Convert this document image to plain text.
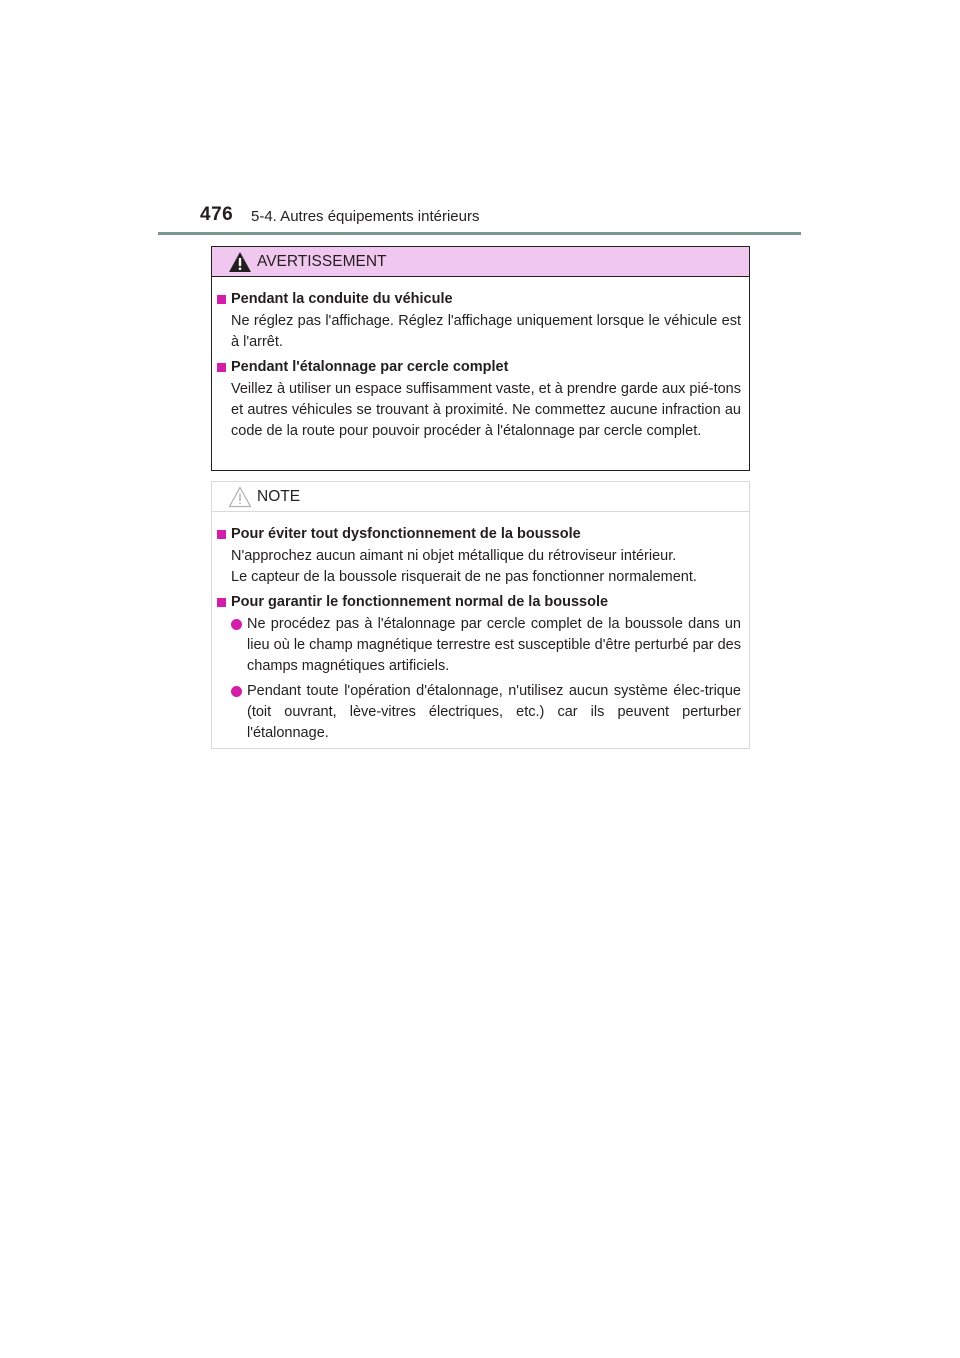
476 5-4. Autres équipements intérieurs
AVERTISSEMENT
Pendant la conduite du véhicule
Ne réglez pas l'affichage. Réglez l'affichage uniquement lorsque le véhicule est à l'arrêt.
Pendant l'étalonnage par cercle complet
Veillez à utiliser un espace suffisamment vaste, et à prendre garde aux pié-tons et autres véhicules se trouvant à proximité. Ne commettez aucune infraction au code de la route pour pouvoir procéder à l'étalonnage par cercle complet.
NOTE
Pour éviter tout dysfonctionnement de la boussole
N'approchez aucun aimant ni objet métallique du rétroviseur intérieur.
Le capteur de la boussole risquerait de ne pas fonctionner normalement.
Pour garantir le fonctionnement normal de la boussole
Ne procédez pas à l'étalonnage par cercle complet de la boussole dans un lieu où le champ magnétique terrestre est susceptible d'être perturbé par des champs magnétiques artificiels.
Pendant toute l'opération d'étalonnage, n'utilisez aucun système élec-trique (toit ouvrant, lève-vitres électriques, etc.) car ils peuvent perturber l'étalonnage.
